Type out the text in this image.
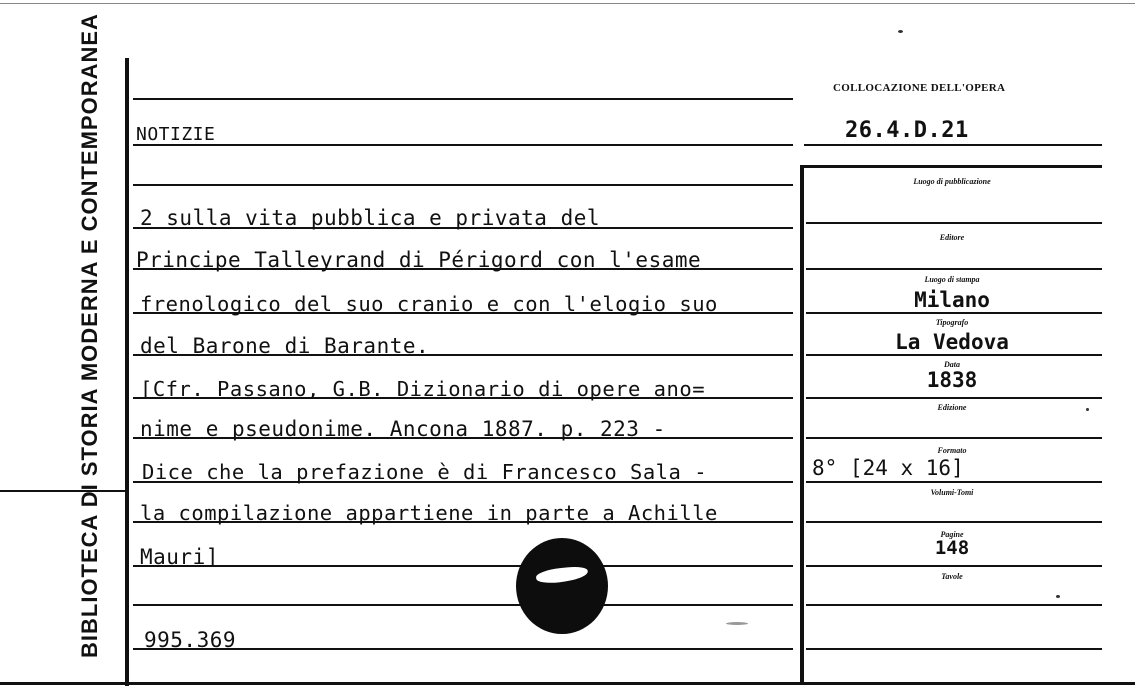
BIBLIOTECA DI STORIA MODERNA E CONTEMPORANEA	COLLOCAZIONE DELL'OPERA
26.4.D.21
NOTIZIE
2 sulla vita pubblica e privata del
Principe Talleyrand di Périgord con l'esame
frenologico del suo cranio e con l'elogio suo
del Barone di Barante.
[Cfr. Passano, G.B. Dizionario di opere ano=
nime e pseudonime. Ancona 1887. p. 223 -
Dice che la prefazione è di Francesco Sala -
la compilazione appartiene in parte a Achille
Mauri]
995.369
Luogo di pubblicazione
Editore
Luogo di stampa
Milano
Tipografo
La Vedova
Data
1838
Edizione
Formato
8° [24 x 16]
Volumi-Tomi
Pagine
148
Tavole
